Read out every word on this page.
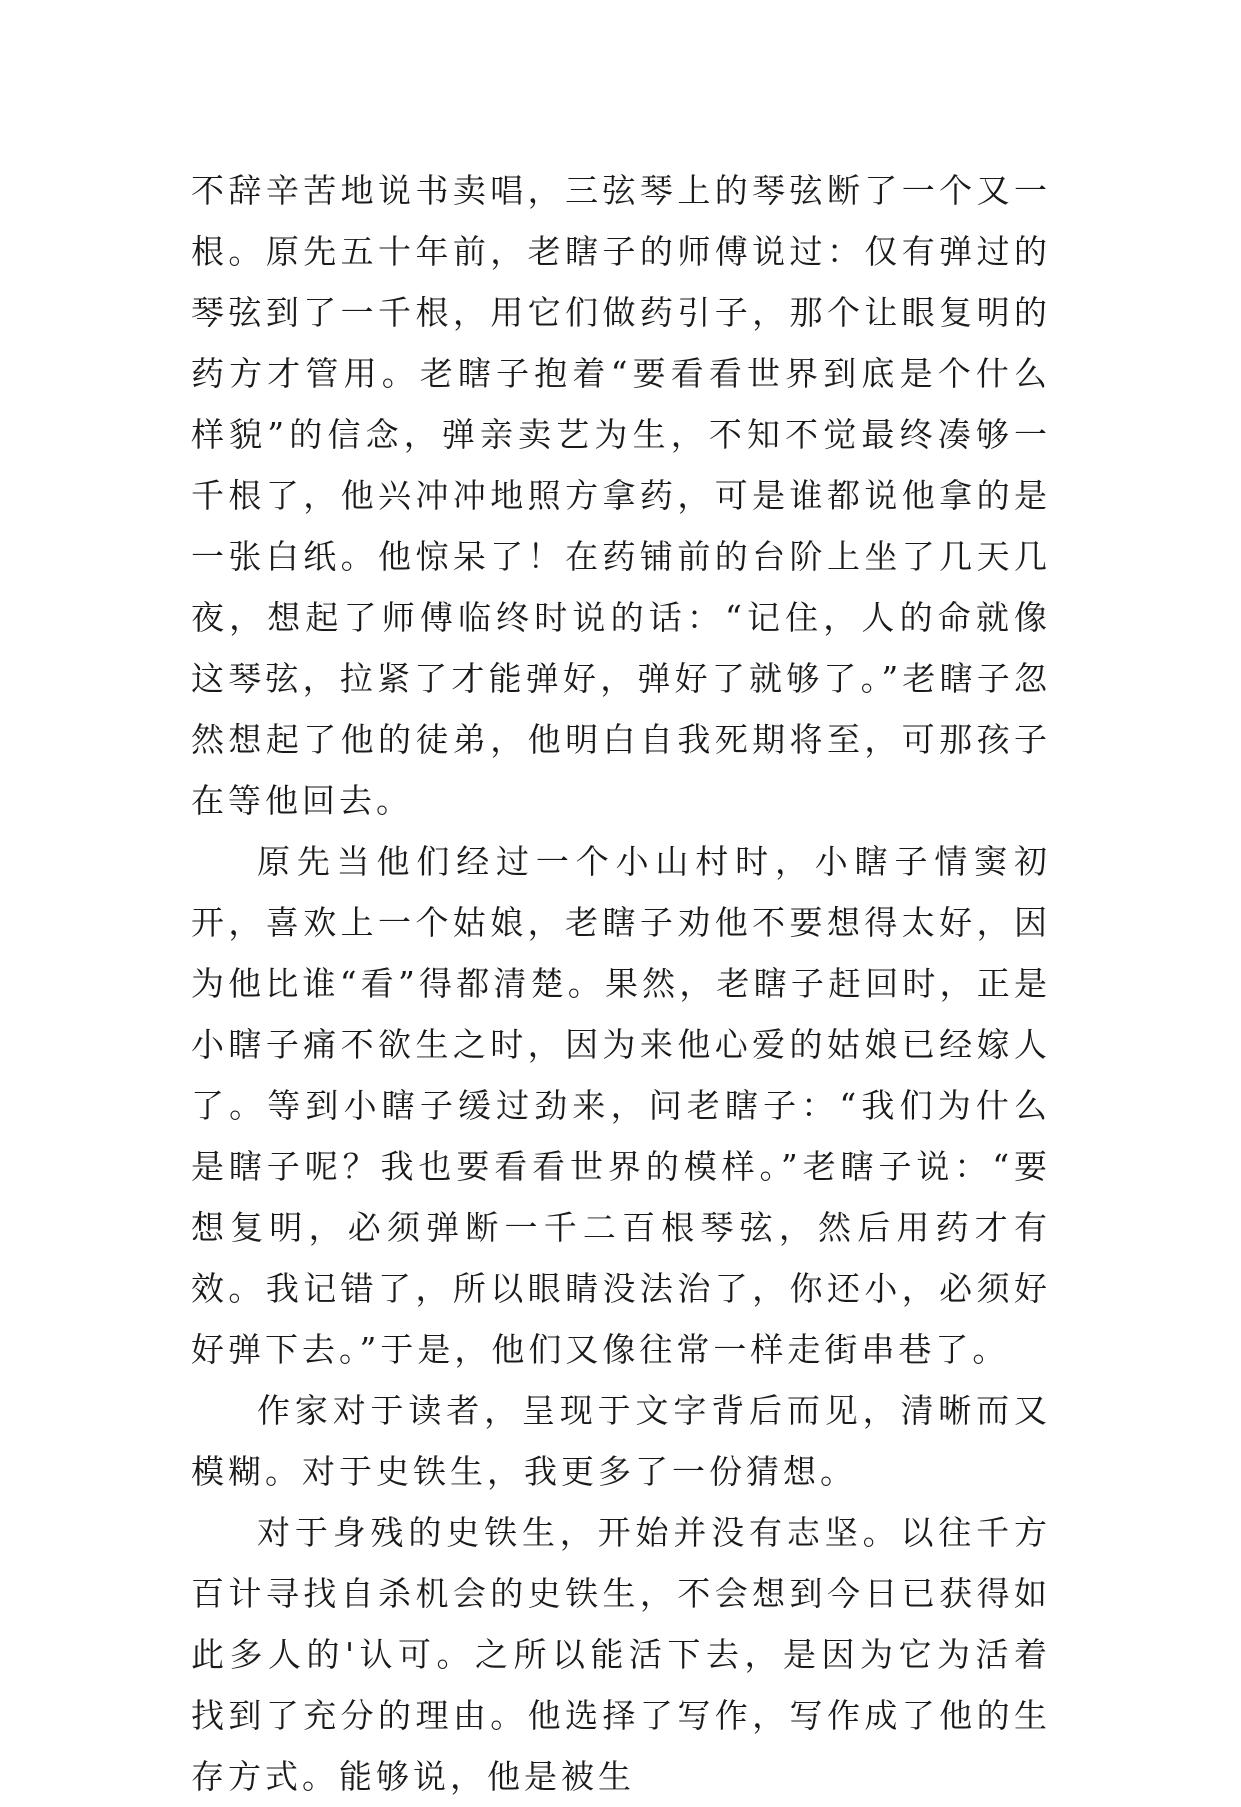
不辞辛苦地说书卖唱，三弦琴上的琴弦断了一个又一根。原先五十年前，老瞎子的师傅说过：仅有弹过的琴弦到了一千根，用它们做药引子，那个让眼复明的药方才管用。老瞎子抱着“要看看世界到底是个什么样貌”的信念，弹亲卖艺为生，不知不觉最终凑够一千根了，他兴冲冲地照方拿药，可是谁都说他拿的是一张白纸。他惊呆了！在药铺前的台阶上坐了几天几夜，想起了师傅临终时说的话：“记住，人的命就像这琴弦，拉紧了才能弹好，弹好了就够了。”老瞎子忽然想起了他的徒弟，他明白自我死期将至，可那孩子在等他回去。

原先当他们经过一个小山村时，小瞎子情窦初开，喜欢上一个姑娘，老瞎子劝他不要想得太好，因为他比谁“看”得都清楚。果然，老瞎子赶回时，正是小瞎子痛不欲生之时，因为来他心爱的姑娘已经嫁人了。等到小瞎子缓过劲来，问老瞎子：“我们为什么是瞎子呢？我也要看看世界的模样。”老瞎子说：“要想复明，必须弹断一千二百根琴弦，然后用药才有效。我记错了，所以眼睛没法治了，你还小，必须好好弹下去。”于是，他们又像往常一样走街串巷了。

作家对于读者，呈现于文字背后而见，清晰而又模糊。对于史铁生，我更多了一份猜想。

对于身残的史铁生，开始并没有志坚。以往千方百计寻找自杀机会的史铁生，不会想到今日已获得如此多人的'认可。之所以能活下去，是因为它为活着找到了充分的理由。他选择了写作，写作成了他的生存方式。能够说，他是被生
